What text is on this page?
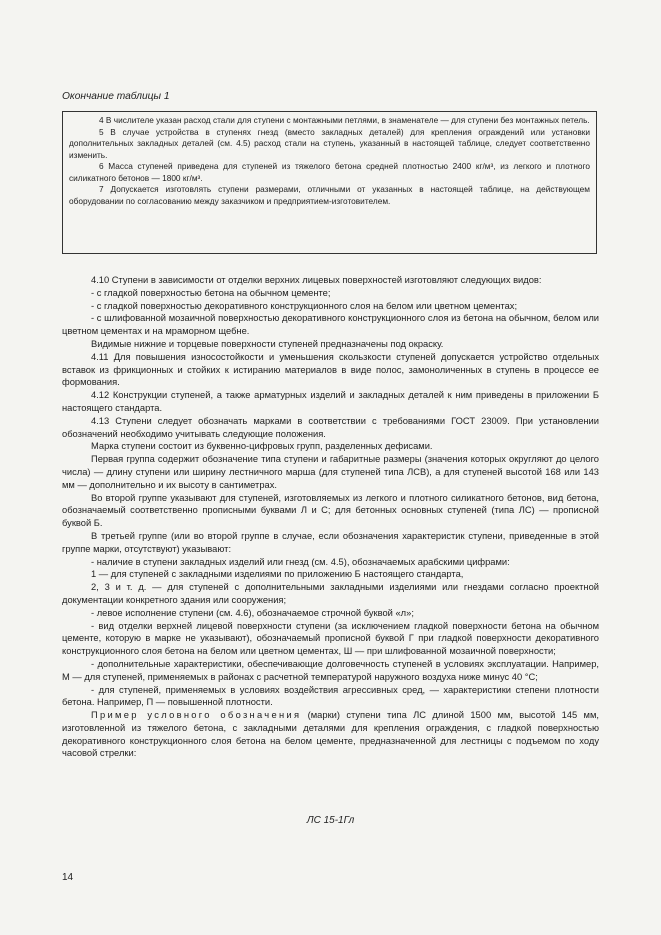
Окончание таблицы 1

4 В числителе указан расход стали для ступени с монтажными петлями, в знаменателе — для ступени без монтажных петель.

5 В случае устройства в ступенях гнезд (вместо закладных деталей) для крепления ограждений или установки дополнительных закладных деталей (см. 4.5) расход стали на ступень, указанный в настоящей таблице, следует соответственно изменить.

6 Масса ступеней приведена для ступеней из тяжелого бетона средней плотностью 2400 кг/м³, из легкого и плотного силикатного бетонов — 1800 кг/м³.

7 Допускается изготовлять ступени размерами, отличными от указанных в настоящей таблице, на действующем оборудовании по согласованию между заказчиком и предприятием-изготовителем.

4.10 Ступени в зависимости от отделки верхних лицевых поверхностей изготовляют следующих видов:

- с гладкой поверхностью бетона на обычном цементе;

- с гладкой поверхностью декоративного конструкционного слоя на белом или цветном цементах;

- с шлифованной мозаичной поверхностью декоративного конструкционного слоя из бетона на обычном, белом или цветном цементах и на мраморном щебне.

Видимые нижние и торцевые поверхности ступеней предназначены под окраску.

4.11 Для повышения износостойкости и уменьшения скользкости ступеней допускается устройство отдельных вставок из фрикционных и стойких к истиранию материалов в виде полос, замоноличенных в ступень в процессе ее формования.

4.12 Конструкции ступеней, а также арматурных изделий и закладных деталей к ним приведены в приложении Б настоящего стандарта.

4.13 Ступени следует обозначать марками в соответствии с требованиями ГОСТ 23009. При установлении обозначений необходимо учитывать следующие положения.

Марка ступени состоит из буквенно-цифровых групп, разделенных дефисами.

Первая группа содержит обозначение типа ступени и габаритные размеры (значения которых округляют до целого числа) — длину ступени или ширину лестничного марша (для ступеней типа ЛСВ), а для ступеней высотой 168 или 143 мм — дополнительно и их высоту в сантиметрах.

Во второй группе указывают для ступеней, изготовляемых из легкого и плотного силикатного бетонов, вид бетона, обозначаемый соответственно прописными буквами Л и С; для бетонных основных ступеней (типа ЛС) — прописной буквой Б.

В третьей группе (или во второй группе в случае, если обозначения характеристик ступени, приведенные в этой группе марки, отсутствуют) указывают:

- наличие в ступени закладных изделий или гнезд (см. 4.5), обозначаемых арабскими цифрами:

1 — для ступеней с закладными изделиями по приложению Б настоящего стандарта,

2, 3 и т. д. — для ступеней с дополнительными закладными изделиями или гнездами согласно проектной документации конкретного здания или сооружения;

- левое исполнение ступени (см. 4.6), обозначаемое строчной буквой «л»;

- вид отделки верхней лицевой поверхности ступени (за исключением гладкой поверхности бетона на обычном цементе, которую в марке не указывают), обозначаемый прописной буквой Г при гладкой поверхности декоративного конструкционного слоя бетона на белом или цветном цементах, Ш — при шлифованной мозаичной поверхности;

- дополнительные характеристики, обеспечивающие долговечность ступеней в условиях эксплуатации. Например, М — для ступеней, применяемых в районах с расчетной температурой наружного воздуха ниже минус 40 °С;

- для ступеней, применяемых в условиях воздействия агрессивных сред, — характеристики степени плотности бетона. Например, П — повышенной плотности.

Пример условного обозначения (марки) ступени типа ЛС длиной 1500 мм, высотой 145 мм, изготовленной из тяжелого бетона, с закладными деталями для крепления ограждения, с гладкой поверхностью декоративного конструкционного слоя бетона на белом цементе, предназначенной для лестницы с подъемом по ходу часовой стрелки:

ЛС 15-1Гл
14
